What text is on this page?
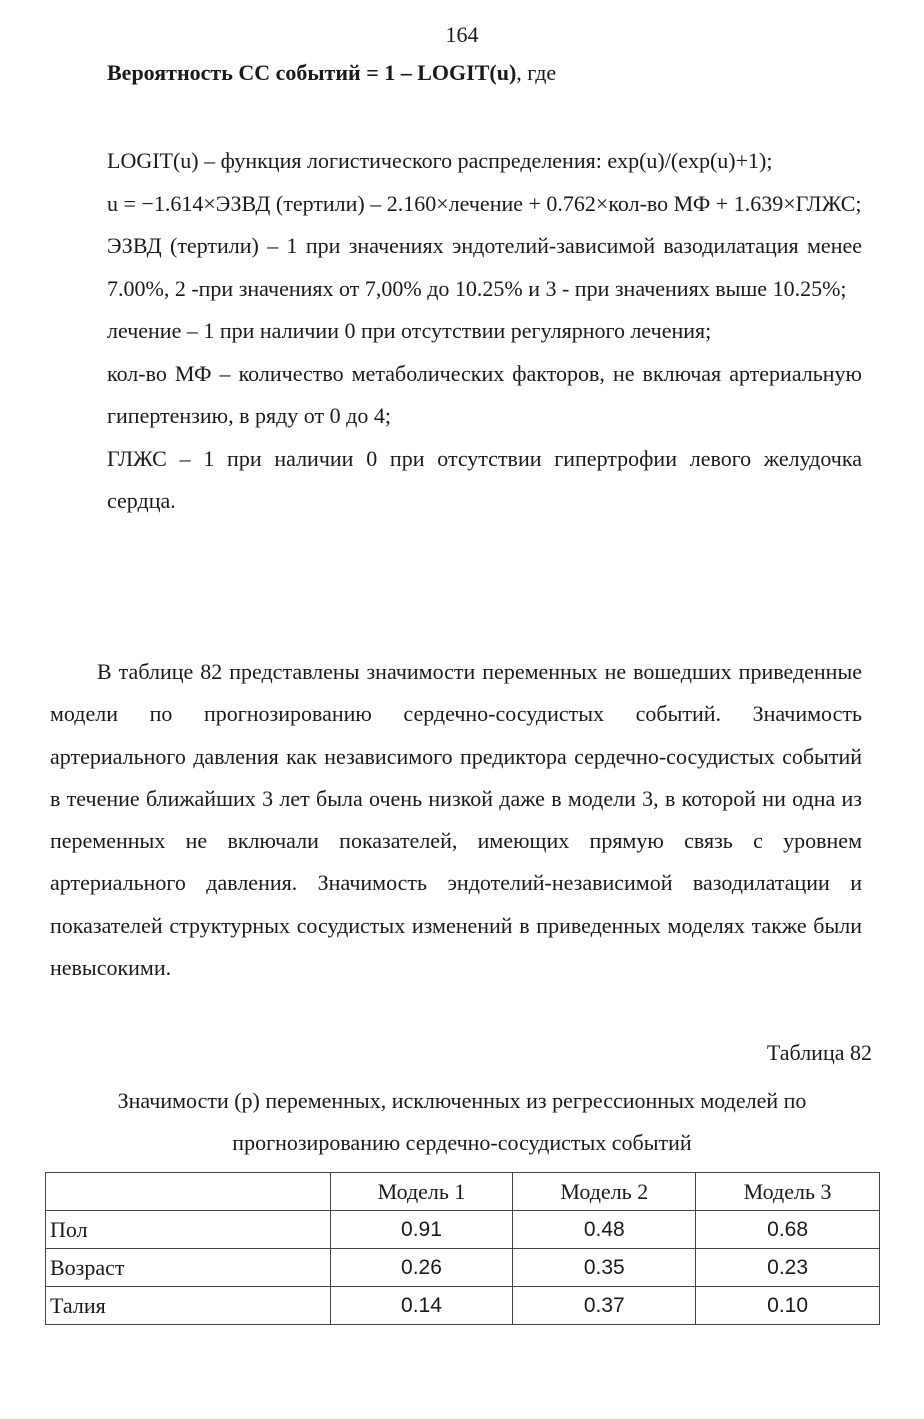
164
Вероятность СС событий = 1 – LOGIT(u), где

LOGIT(u) – функция логистического распределения: exp(u)/(exp(u)+1);

u = −1.614×ЭЗВД (тертили) – 2.160×лечение + 0.762×кол-во МФ + 1.639×ГЛЖС;

ЭЗВД (тертили) – 1 при значениях эндотелий-зависимой вазодилатация менее 7.00%, 2 -при значениях от 7,00% до 10.25% и 3 - при значениях выше 10.25%;

лечение – 1 при наличии 0 при отсутствии регулярного лечения;

кол-во МФ – количество метаболических факторов, не включая артериальную гипертензию, в ряду от 0 до 4;

ГЛЖС – 1 при наличии 0 при отсутствии гипертрофии левого желудочка сердца.

В таблице 82 представлены значимости переменных не вошедших приведенные модели по прогнозированию сердечно-сосудистых событий. Значимость артериального давления как независимого предиктора сердечно-сосудистых событий в течение ближайших 3 лет была очень низкой даже в модели 3, в которой ни одна из переменных не включали показателей, имеющих прямую связь с уровнем артериального давления. Значимость эндотелий-независимой вазодилатации и показателей структурных сосудистых изменений в приведенных моделях также были невысокими.

Таблица 82

Значимости (р) переменных, исключенных из регрессионных моделей по прогнозированию сердечно-сосудистых событий

	Модель 1	Модель 2	Модель 3
Пол	0.91	0.48	0.68
Возраст	0.26	0.35	0.23
Талия	0.14	0.37	0.10
